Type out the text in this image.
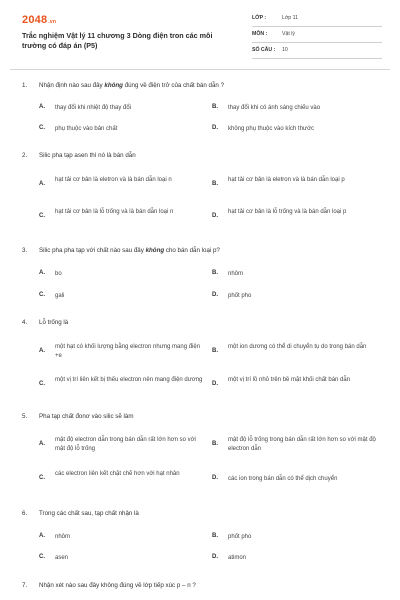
2048.vn
Trắc nghiệm Vật lý 11 chương 3 Dòng điện tron các môi trường có đáp án (P5)
LỚP :	Lớp 11
MÔN :	Vật lý
SỐ CÂU : 10
1. Nhận định nào sau đây không đúng về điện trở của chất bán dẫn ?
A. thay đổi khi nhiệt độ thay đổi	B. thay đổi khi có ánh sáng chiếu vào
C. phụ thuộc vào bản chất	D. không phụ thuộc vào kích thước
2. Silic pha tạp asen thì nó là bán dẫn
A.
hạt tải cơ bản là eletron và là bán dẫn loại n
B.
hạt tải cơ bản là eletron và là bán dẫn loại p
C.
hạt tải cơ bản là lỗ trống và là bán dẫn loại n
D.
hạt tải cơ bản là lỗ trống và là bán dẫn loại p
3. Silic pha pha tạp với chất nào sau đây không cho bán dẫn loại p?
A. bo	B. nhôm
C. gali	D. phốt pho
4. Lỗ trống là
A.
một hạt có khối lượng bằng electron nhưng mang điện +e
B.
một ion dương có thể di chuyển tụ do trong bán dẫn
C.
một vị trí liên kết bị thếu electron nên mang điện dương
D.
một vị trí lồ nhỏ trên bề mặt khối chất bán dẫn
5. Pha tạp chất đonơ vào silic sẽ làm
A.
mật độ electron dẫn trong bán dẫn rất lớn hơn so với mật độ lỗ trống
B.
mật độ lỗ trống trong bán dẫn rất lớn hơn so với mật độ electron dẫn
C.
các electron liên kết chặt chẽ hơn với hạt nhân
D. các ion trong bán dẫn có thể dịch chuyển
6. Trong các chất sau, tạp chất nhận là
A. nhôm	B. phốt pho
C. asen	D. atimon
7. Nhận xét nào sau đây không đúng về lớp tiếp xúc p – n ?
